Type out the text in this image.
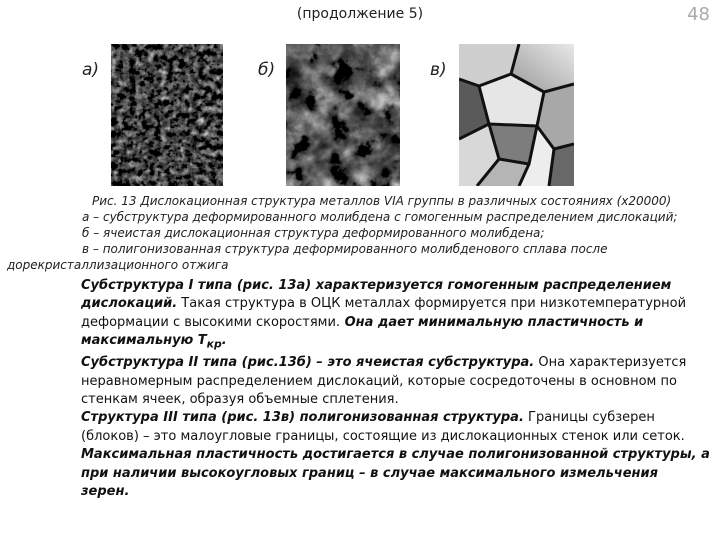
(продолжение 5)	48
а)	б)	в)
Рис. 13 Дислокационная структура металлов VIA группы в различных состояниях (х20000)
а – субструктура деформированного молибдена с гомогенным распределением дислокаций;
б – ячеистая дислокационная структура деформированного молибдена;
в – полигонизованная структура деформированного молибденового сплава после
дорекристаллизационного отжига

Субструктура I типа (рис. 13а) характеризуется гомогенным распределением дислокаций. Такая структура в ОЦК металлах формируется при низкотемпературной деформации с высокими скоростями. Она дает минимальную пластичность и максимальную $Т_{кр}$.

Субструктура II типа (рис.13б) – это ячеистая субструктура. Она характеризуется неравномерным распределением дислокаций, которые сосредоточены в основном по стенкам ячеек, образуя объемные сплетения.

Структура III типа (рис. 13в) полигонизованная структура. Границы субзерен (блоков) – это малоугловые границы, состоящие из дислокационных стенок или сеток.

Максимальная пластичность достигается в случае полигонизованной структуры, а при наличии высокоугловых границ – в случае максимального измельчения зерен.
